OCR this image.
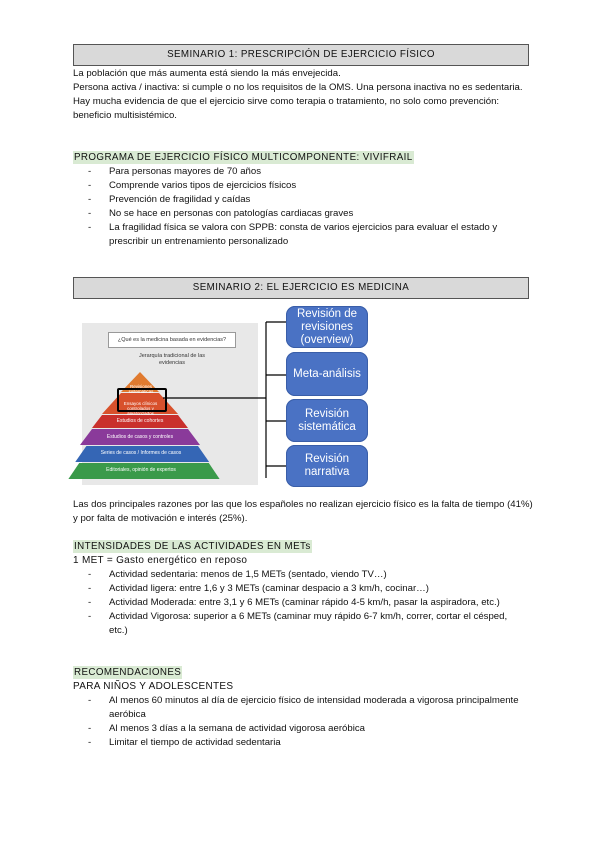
SEMINARIO 1: PRESCRIPCIÓN DE EJERCICIO FÍSICO

La población que más aumenta está siendo la más envejecida.

Persona activa / inactiva: si cumple o no los requisitos de la OMS. Una persona inactiva no es sedentaria.

Hay mucha evidencia de que el ejercicio sirve como terapia o tratamiento, no solo como prevención: beneficio multisistémico.

PROGRAMA DE EJERCICIO FÍSICO MULTICOMPONENTE: VIVIFRAIL
- Para personas mayores de 70 años
- Comprende varios tipos de ejercicios físicos
- Prevención de fragilidad y caídas
- No se hace en personas con patologías cardiacas graves
- La fragilidad física se valora con SPPB: consta de varios ejercicios para evaluar el estado y prescribir un entrenamiento personalizado
SEMINARIO 2: EL EJERCICIO ES MEDICINA
¿Qué es la medicina basada en evidencias?
Jerarquía tradicional de las evidencias
Revisiones sistemáticas
Ensayos clínicos controlados y aleatorizados
Estudios de cohortes
Estudios de casos y controles
Series de casos / Informes de casos
Editoriales, opinión de expertos
Revisión de revisiones (overview)
Meta-análisis
Revisión sistemática
Revisión narrativa
Las dos principales razones por las que los españoles no realizan ejercicio físico es la falta de tiempo (41%) y por falta de motivación e interés (25%).
INTENSIDADES DE LAS ACTIVIDADES EN METs
1 MET = Gasto energético en reposo
- Actividad sedentaria: menos de 1,5 METs (sentado, viendo TV…)
- Actividad ligera: entre 1,6 y 3 METs (caminar despacio a 3 km/h, cocinar…)
- Actividad Moderada: entre 3,1 y 6 METs (caminar rápido 4-5 km/h, pasar la aspiradora, etc.)
- Actividad Vigorosa: superior a 6 METs (caminar muy rápido 6-7 km/h, correr, cortar el césped, etc.)
RECOMENDACIONES
PARA NIÑOS Y ADOLESCENTES
- Al menos 60 minutos al día de ejercicio físico de intensidad moderada a vigorosa principalmente aeróbica
- Al menos 3 días a la semana de actividad vigorosa aeróbica
- Limitar el tiempo de actividad sedentaria
